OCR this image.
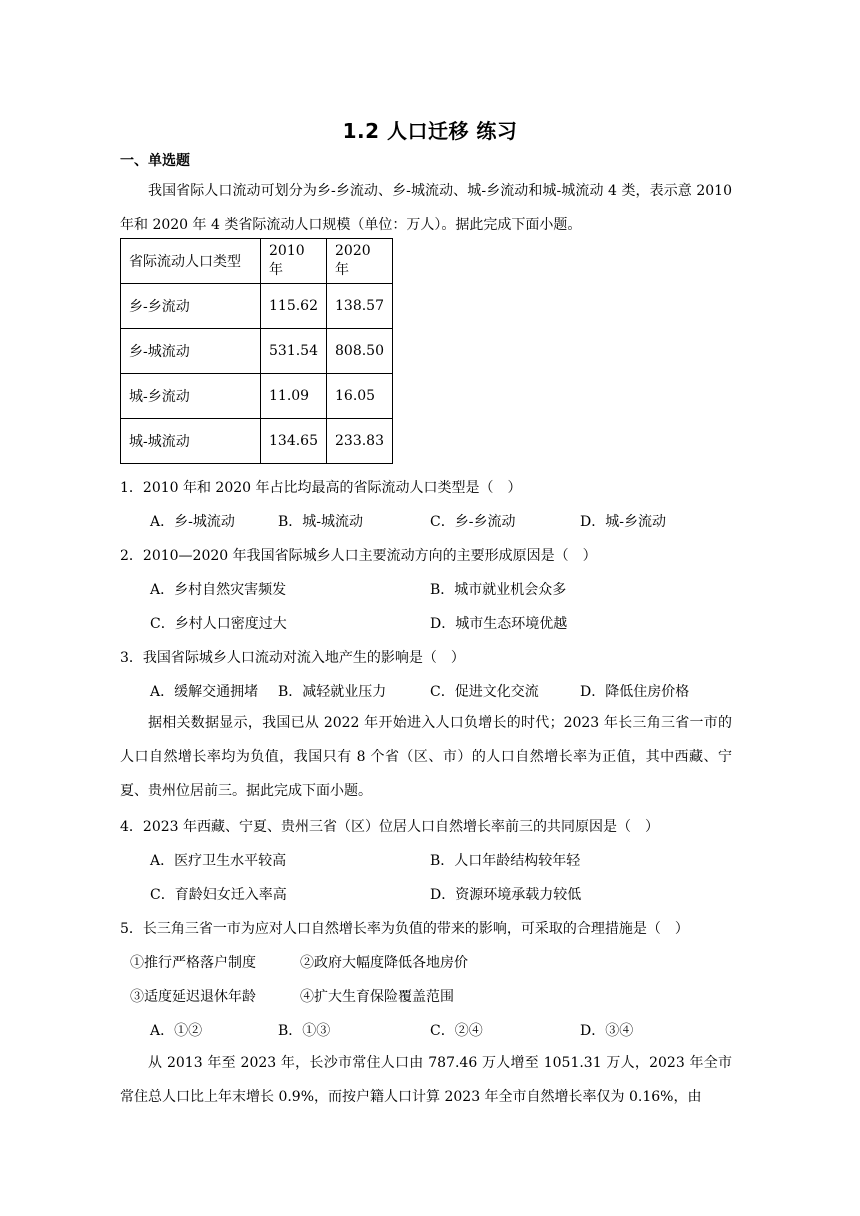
1.2 人口迁移 练习
一、单选题
我国省际人口流动可划分为乡-乡流动、乡-城流动、城-乡流动和城-城流动 4 类，表示意 2010 年和 2020 年 4 类省际流动人口规模（单位：万人）。据此完成下面小题。
省际流动人口类型	2010 年	2020 年
乡-乡流动	115.62	138.57
乡-城流动	531.54	808.50
城-乡流动	11.09	16.05
城-城流动	134.65	233.83
1．2010 年和 2020 年占比均最高的省际流动人口类型是（　）
A．乡-城流动	B．城-城流动	C．乡-乡流动	D．城-乡流动
2．2010—2020 年我国省际城乡人口主要流动方向的主要形成原因是（　）
A．乡村自然灾害频发	B．城市就业机会众多
C．乡村人口密度过大	D．城市生态环境优越
3．我国省际城乡人口流动对流入地产生的影响是（　）
A．缓解交通拥堵 B．减轻就业压力	C．促进文化交流	D．降低住房价格
据相关数据显示，我国已从 2022 年开始进入人口负增长的时代；2023 年长三角三省一市的人口自然增长率均为负值，我国只有 8 个省（区、市）的人口自然增长率为正值，其中西藏、宁夏、贵州位居前三。据此完成下面小题。
4．2023 年西藏、宁夏、贵州三省（区）位居人口自然增长率前三的共同原因是（　）
A．医疗卫生水平较高	B．人口年龄结构较年轻
C．育龄妇女迁入率高	D．资源环境承载力较低
5．长三角三省一市为应对人口自然增长率为负值的带来的影响，可采取的合理措施是（　）
①推行严格落户制度	②政府大幅度降低各地房价
③适度延迟退休年龄	④扩大生育保险覆盖范围
A．①②	B．①③	C．②④	D．③④
从 2013 年至 2023 年，长沙市常住人口由 787.46 万人增至 1051.31 万人，2023 年全市常住总人口比上年末增长 0.9%，而按户籍人口计算 2023 年全市自然增长率仅为 0.16%，由
